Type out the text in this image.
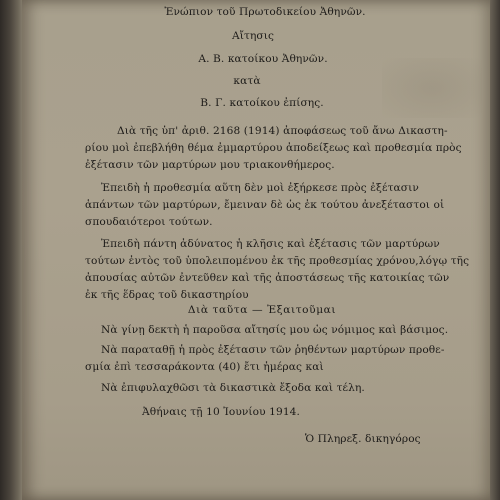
Ἐνώπιον τοῦ Πρωτοδικείου Ἀθηνῶν.
Αἴτησις
Α. Β. κατοίκου Ἀθηνῶν.
κατὰ
Β. Γ. κατοίκου ἐπίσης.
Διὰ τῆς ὑπ' ἀριθ. 2168 (1914) ἀποφάσεως τοῦ ἄνω Δικαστη-
ρίου μοὶ ἐπεβλήθη θέμα ἐμμαρτύρου ἀποδείξεως καὶ προθεσμία πρὸς
ἐξέτασιν τῶν μαρτύρων μου τριακονθήμερος.
Ἐπειδὴ ἡ προθεσμία αὕτη δὲν μοὶ ἐξήρκεσε πρὸς ἐξέτασιν
ἁπάντων τῶν μαρτύρων, ἔμειναν δὲ ὡς ἐκ τούτου ἀνεξέταστοι οἱ
σπουδαιότεροι τούτων.
Ἐπειδὴ πάντη ἀδύνατος ἡ κλῆσις καὶ ἐξέτασις τῶν μαρτύρων
τούτων ἐντὸς τοῦ ὑπολειπομένου ἐκ τῆς προθεσμίας χρόνου,λόγῳ τῆς
ἀπουσίας αὐτῶν ἐντεῦθεν καὶ τῆς ἀποστάσεως τῆς κατοικίας τῶν
ἐκ τῆς ἕδρας τοῦ δικαστηρίου
Διὰ ταῦτα — Ἐξαιτοῦμαι
Νὰ γίνῃ δεκτὴ ἡ παροῦσα αἴτησίς μου ὡς νόμιμος καὶ βάσιμος.
Νὰ παραταθῇ ἡ πρὸς ἐξέτασιν τῶν ῥηθέντων μαρτύρων προθε-
σμία ἐπὶ τεσσαράκοντα (40) ἔτι ἡμέρας καὶ
Νὰ ἐπιφυλαχθῶσι τὰ δικαστικὰ ἔξοδα καὶ τέλη.
Ἀθήναις τῇ 10 Ἰουνίου 1914.
Ὁ Πληρεξ. δικηγόρος
